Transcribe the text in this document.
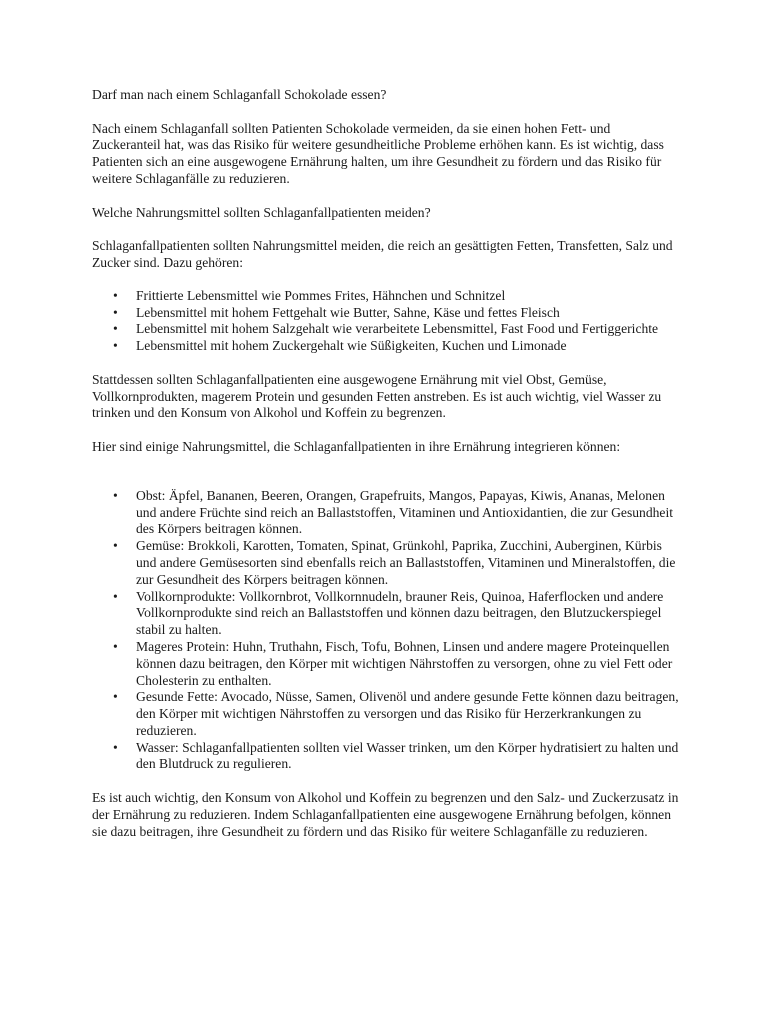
Darf man nach einem Schlaganfall Schokolade essen?

Nach einem Schlaganfall sollten Patienten Schokolade vermeiden, da sie einen hohen Fett- und Zuckeranteil hat, was das Risiko für weitere gesundheitliche Probleme erhöhen kann. Es ist wichtig, dass Patienten sich an eine ausgewogene Ernährung halten, um ihre Gesundheit zu fördern und das Risiko für weitere Schlaganfälle zu reduzieren.

Welche Nahrungsmittel sollten Schlaganfallpatienten meiden?

Schlaganfallpatienten sollten Nahrungsmittel meiden, die reich an gesättigten Fetten, Transfetten, Salz und Zucker sind. Dazu gehören:

• Frittierte Lebensmittel wie Pommes Frites, Hähnchen und Schnitzel
• Lebensmittel mit hohem Fettgehalt wie Butter, Sahne, Käse und fettes Fleisch
• Lebensmittel mit hohem Salzgehalt wie verarbeitete Lebensmittel, Fast Food und Fertiggerichte
• Lebensmittel mit hohem Zuckergehalt wie Süßigkeiten, Kuchen und Limonade

Stattdessen sollten Schlaganfallpatienten eine ausgewogene Ernährung mit viel Obst, Gemüse, Vollkornprodukten, magerem Protein und gesunden Fetten anstreben. Es ist auch wichtig, viel Wasser zu trinken und den Konsum von Alkohol und Koffein zu begrenzen.

Hier sind einige Nahrungsmittel, die Schlaganfallpatienten in ihre Ernährung integrieren können:

• Obst: Äpfel, Bananen, Beeren, Orangen, Grapefruits, Mangos, Papayas, Kiwis, Ananas, Melonen und andere Früchte sind reich an Ballaststoffen, Vitaminen und Antioxidantien, die zur Gesundheit des Körpers beitragen können.
• Gemüse: Brokkoli, Karotten, Tomaten, Spinat, Grünkohl, Paprika, Zucchini, Auberginen, Kürbis und andere Gemüsesorten sind ebenfalls reich an Ballaststoffen, Vitaminen und Mineralstoffen, die zur Gesundheit des Körpers beitragen können.
• Vollkornprodukte: Vollkornbrot, Vollkornnudeln, brauner Reis, Quinoa, Haferflocken und andere Vollkornprodukte sind reich an Ballaststoffen und können dazu beitragen, den Blutzuckerspiegel stabil zu halten.
• Mageres Protein: Huhn, Truthahn, Fisch, Tofu, Bohnen, Linsen und andere magere Proteinquellen können dazu beitragen, den Körper mit wichtigen Nährstoffen zu versorgen, ohne zu viel Fett oder Cholesterin zu enthalten.
• Gesunde Fette: Avocado, Nüsse, Samen, Olivenöl und andere gesunde Fette können dazu beitragen, den Körper mit wichtigen Nährstoffen zu versorgen und das Risiko für Herzerkrankungen zu reduzieren.
• Wasser: Schlaganfallpatienten sollten viel Wasser trinken, um den Körper hydratisiert zu halten und den Blutdruck zu regulieren.

Es ist auch wichtig, den Konsum von Alkohol und Koffein zu begrenzen und den Salz- und Zuckerzusatz in der Ernährung zu reduzieren. Indem Schlaganfallpatienten eine ausgewogene Ernährung befolgen, können sie dazu beitragen, ihre Gesundheit zu fördern und das Risiko für weitere Schlaganfälle zu reduzieren.
